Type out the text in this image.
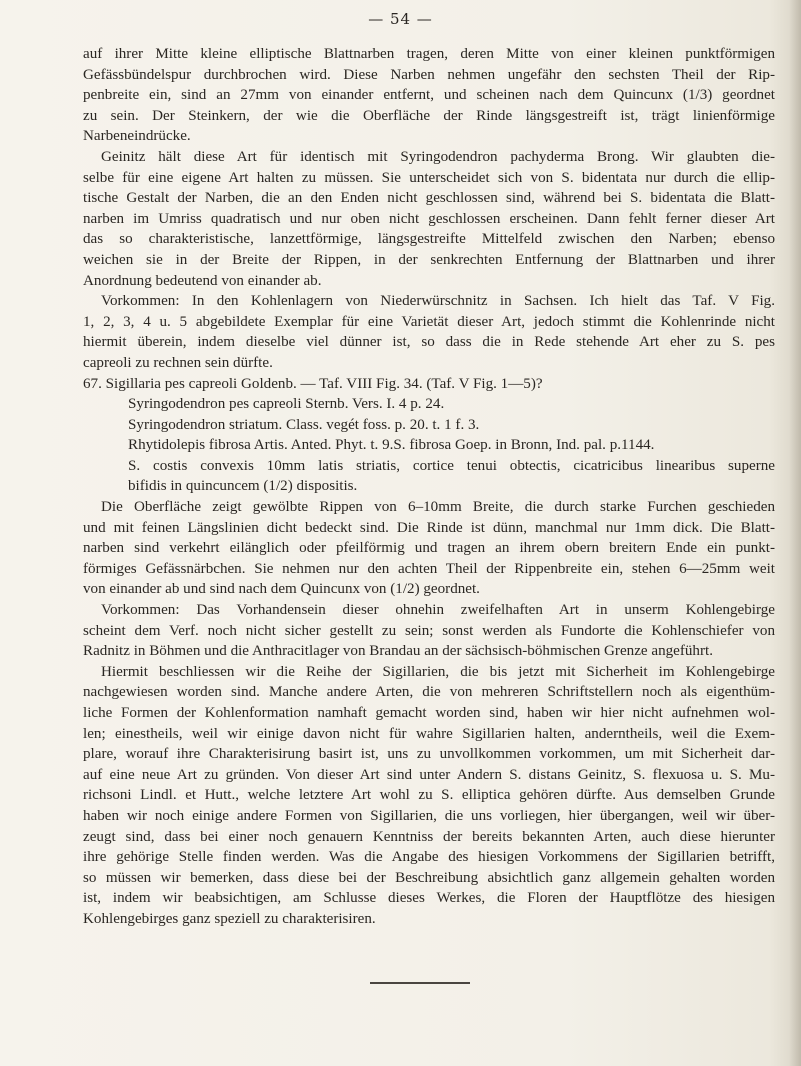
— 54 —
auf ihrer Mitte kleine elliptische Blattnarben tragen, deren Mitte von einer kleinen punktförmigen
Gefässbündelspur durchbrochen wird. Diese Narben nehmen ungefähr den sechsten Theil der Rip-
penbreite ein, sind an 27mm von einander entfernt, und scheinen nach dem Quincunx (1/3) geordnet
zu sein. Der Steinkern, der wie die Oberfläche der Rinde längsgestreift ist, trägt linienförmige
Narbeneindrücke.
Geinitz hält diese Art für identisch mit Syringodendron pachyderma Brong. Wir glaubten die-
selbe für eine eigene Art halten zu müssen. Sie unterscheidet sich von S. bidentata nur durch die ellip-
tische Gestalt der Narben, die an den Enden nicht geschlossen sind, während bei S. bidentata die Blatt-
narben im Umriss quadratisch und nur oben nicht geschlossen erscheinen. Dann fehlt ferner dieser Art
das so charakteristische, lanzettförmige, längsgestreifte Mittelfeld zwischen den Narben; ebenso
weichen sie in der Breite der Rippen, in der senkrechten Entfernung der Blattnarben und ihrer
Anordnung bedeutend von einander ab.
Vorkommen: In den Kohlenlagern von Niederwürschnitz in Sachsen. Ich hielt das Taf. V Fig.
1, 2, 3, 4 u. 5 abgebildete Exemplar für eine Varietät dieser Art, jedoch stimmt die Kohlenrinde nicht
hiermit überein, indem dieselbe viel dünner ist, so dass die in Rede stehende Art eher zu S. pes
capreoli zu rechnen sein dürfte.
67. Sigillaria pes capreoli Goldenb. — Taf. VIII Fig. 34. (Taf. V Fig. 1—5)?
Syringodendron pes capreoli Sternb. Vers. I. 4 p. 24.
Syringodendron striatum. Class. vegét foss. p. 20. t. 1 f. 3.
Rhytidolepis fibrosa Artis. Anted. Phyt. t. 9.S. fibrosa Goep. in Bronn, Ind. pal. p.1144.
S. costis convexis 10mm latis striatis, cortice tenui obtectis, cicatricibus linearibus superne
bifidis in quincuncem (1/2) dispositis.
Die Oberfläche zeigt gewölbte Rippen von 6–10mm Breite, die durch starke Furchen geschieden
und mit feinen Längslinien dicht bedeckt sind. Die Rinde ist dünn, manchmal nur 1mm dick. Die Blatt-
narben sind verkehrt eilänglich oder pfeilförmig und tragen an ihrem obern breitern Ende ein punkt-
förmiges Gefässnärbchen. Sie nehmen nur den achten Theil der Rippenbreite ein, stehen 6—25mm weit
von einander ab und sind nach dem Quincunx von (1/2) geordnet.
Vorkommen: Das Vorhandensein dieser ohnehin zweifelhaften Art in unserm Kohlengebirge
scheint dem Verf. noch nicht sicher gestellt zu sein; sonst werden als Fundorte die Kohlenschiefer von
Radnitz in Böhmen und die Anthracitlager von Brandau an der sächsisch-böhmischen Grenze angeführt.
Hiermit beschliessen wir die Reihe der Sigillarien, die bis jetzt mit Sicherheit im Kohlengebirge
nachgewiesen worden sind. Manche andere Arten, die von mehreren Schriftstellern noch als eigenthüm-
liche Formen der Kohlenformation namhaft gemacht worden sind, haben wir hier nicht aufnehmen wol-
len; einestheils, weil wir einige davon nicht für wahre Sigillarien halten, anderntheils, weil die Exem-
plare, worauf ihre Charakterisirung basirt ist, uns zu unvollkommen vorkommen, um mit Sicherheit dar-
auf eine neue Art zu gründen. Von dieser Art sind unter Andern S. distans Geinitz, S. flexuosa u. S. Mu-
richsoni Lindl. et Hutt., welche letztere Art wohl zu S. elliptica gehören dürfte. Aus demselben Grunde
haben wir noch einige andere Formen von Sigillarien, die uns vorliegen, hier übergangen, weil wir über-
zeugt sind, dass bei einer noch genauern Kenntniss der bereits bekannten Arten, auch diese hierunter
ihre gehörige Stelle finden werden. Was die Angabe des hiesigen Vorkommens der Sigillarien betrifft,
so müssen wir bemerken, dass diese bei der Beschreibung absichtlich ganz allgemein gehalten worden
ist, indem wir beabsichtigen, am Schlusse dieses Werkes, die Floren der Hauptflötze des hiesigen
Kohlengebirges ganz speziell zu charakterisiren.
